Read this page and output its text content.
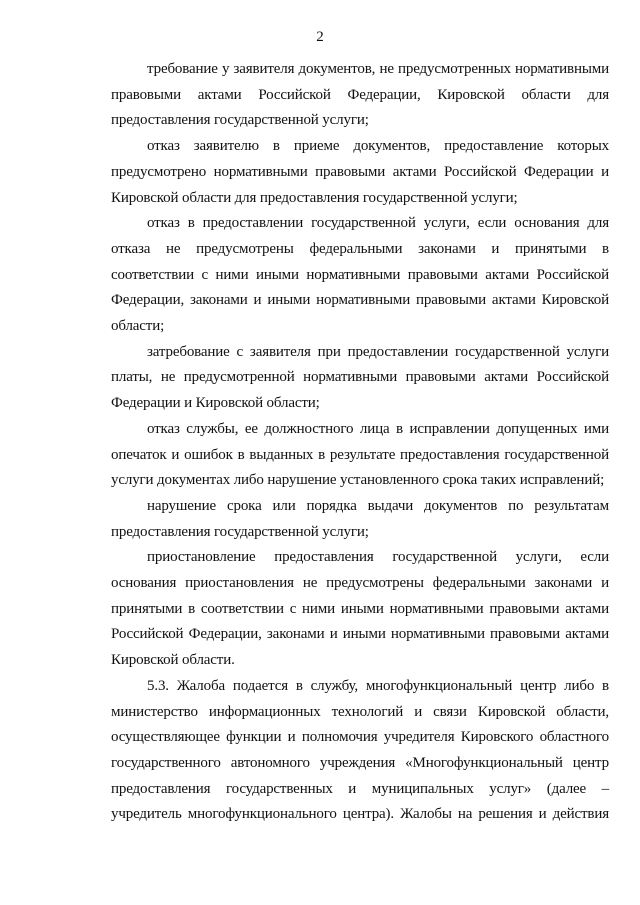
2

требование у заявителя документов, не предусмотренных нормативными правовыми актами Российской Федерации, Кировской области для предоставления государственной услуги;

отказ заявителю в приеме документов, предоставление которых предусмотрено нормативными правовыми актами Российской Федерации и Кировской области для предоставления государственной услуги;

отказ в предоставлении государственной услуги, если основания для отказа не предусмотрены федеральными законами и принятыми в соответствии с ними иными нормативными правовыми актами Российской Федерации, законами и иными нормативными правовыми актами Кировской области;

затребование с заявителя при предоставлении государственной услуги платы, не предусмотренной нормативными правовыми актами Российской Федерации и Кировской области;

отказ службы, ее должностного лица в исправлении допущенных ими опечаток и ошибок в выданных в результате предоставления государственной услуги документах либо нарушение установленного срока таких исправлений;

нарушение срока или порядка выдачи документов по результатам предоставления государственной услуги;

приостановление предоставления государственной услуги, если основания приостановления не предусмотрены федеральными законами и принятыми в соответствии с ними иными нормативными правовыми актами Российской Федерации, законами и иными нормативными правовыми актами Кировской области.

5.3. Жалоба подается в службу, многофункциональный центр либо в министерство информационных технологий и связи Кировской области, осуществляющее функции и полномочия учредителя Кировского областного государственного автономного учреждения «Многофункциональный центр предоставления государственных и муниципальных услуг» (далее – учредитель многофункционального центра). Жалобы на решения и действия
